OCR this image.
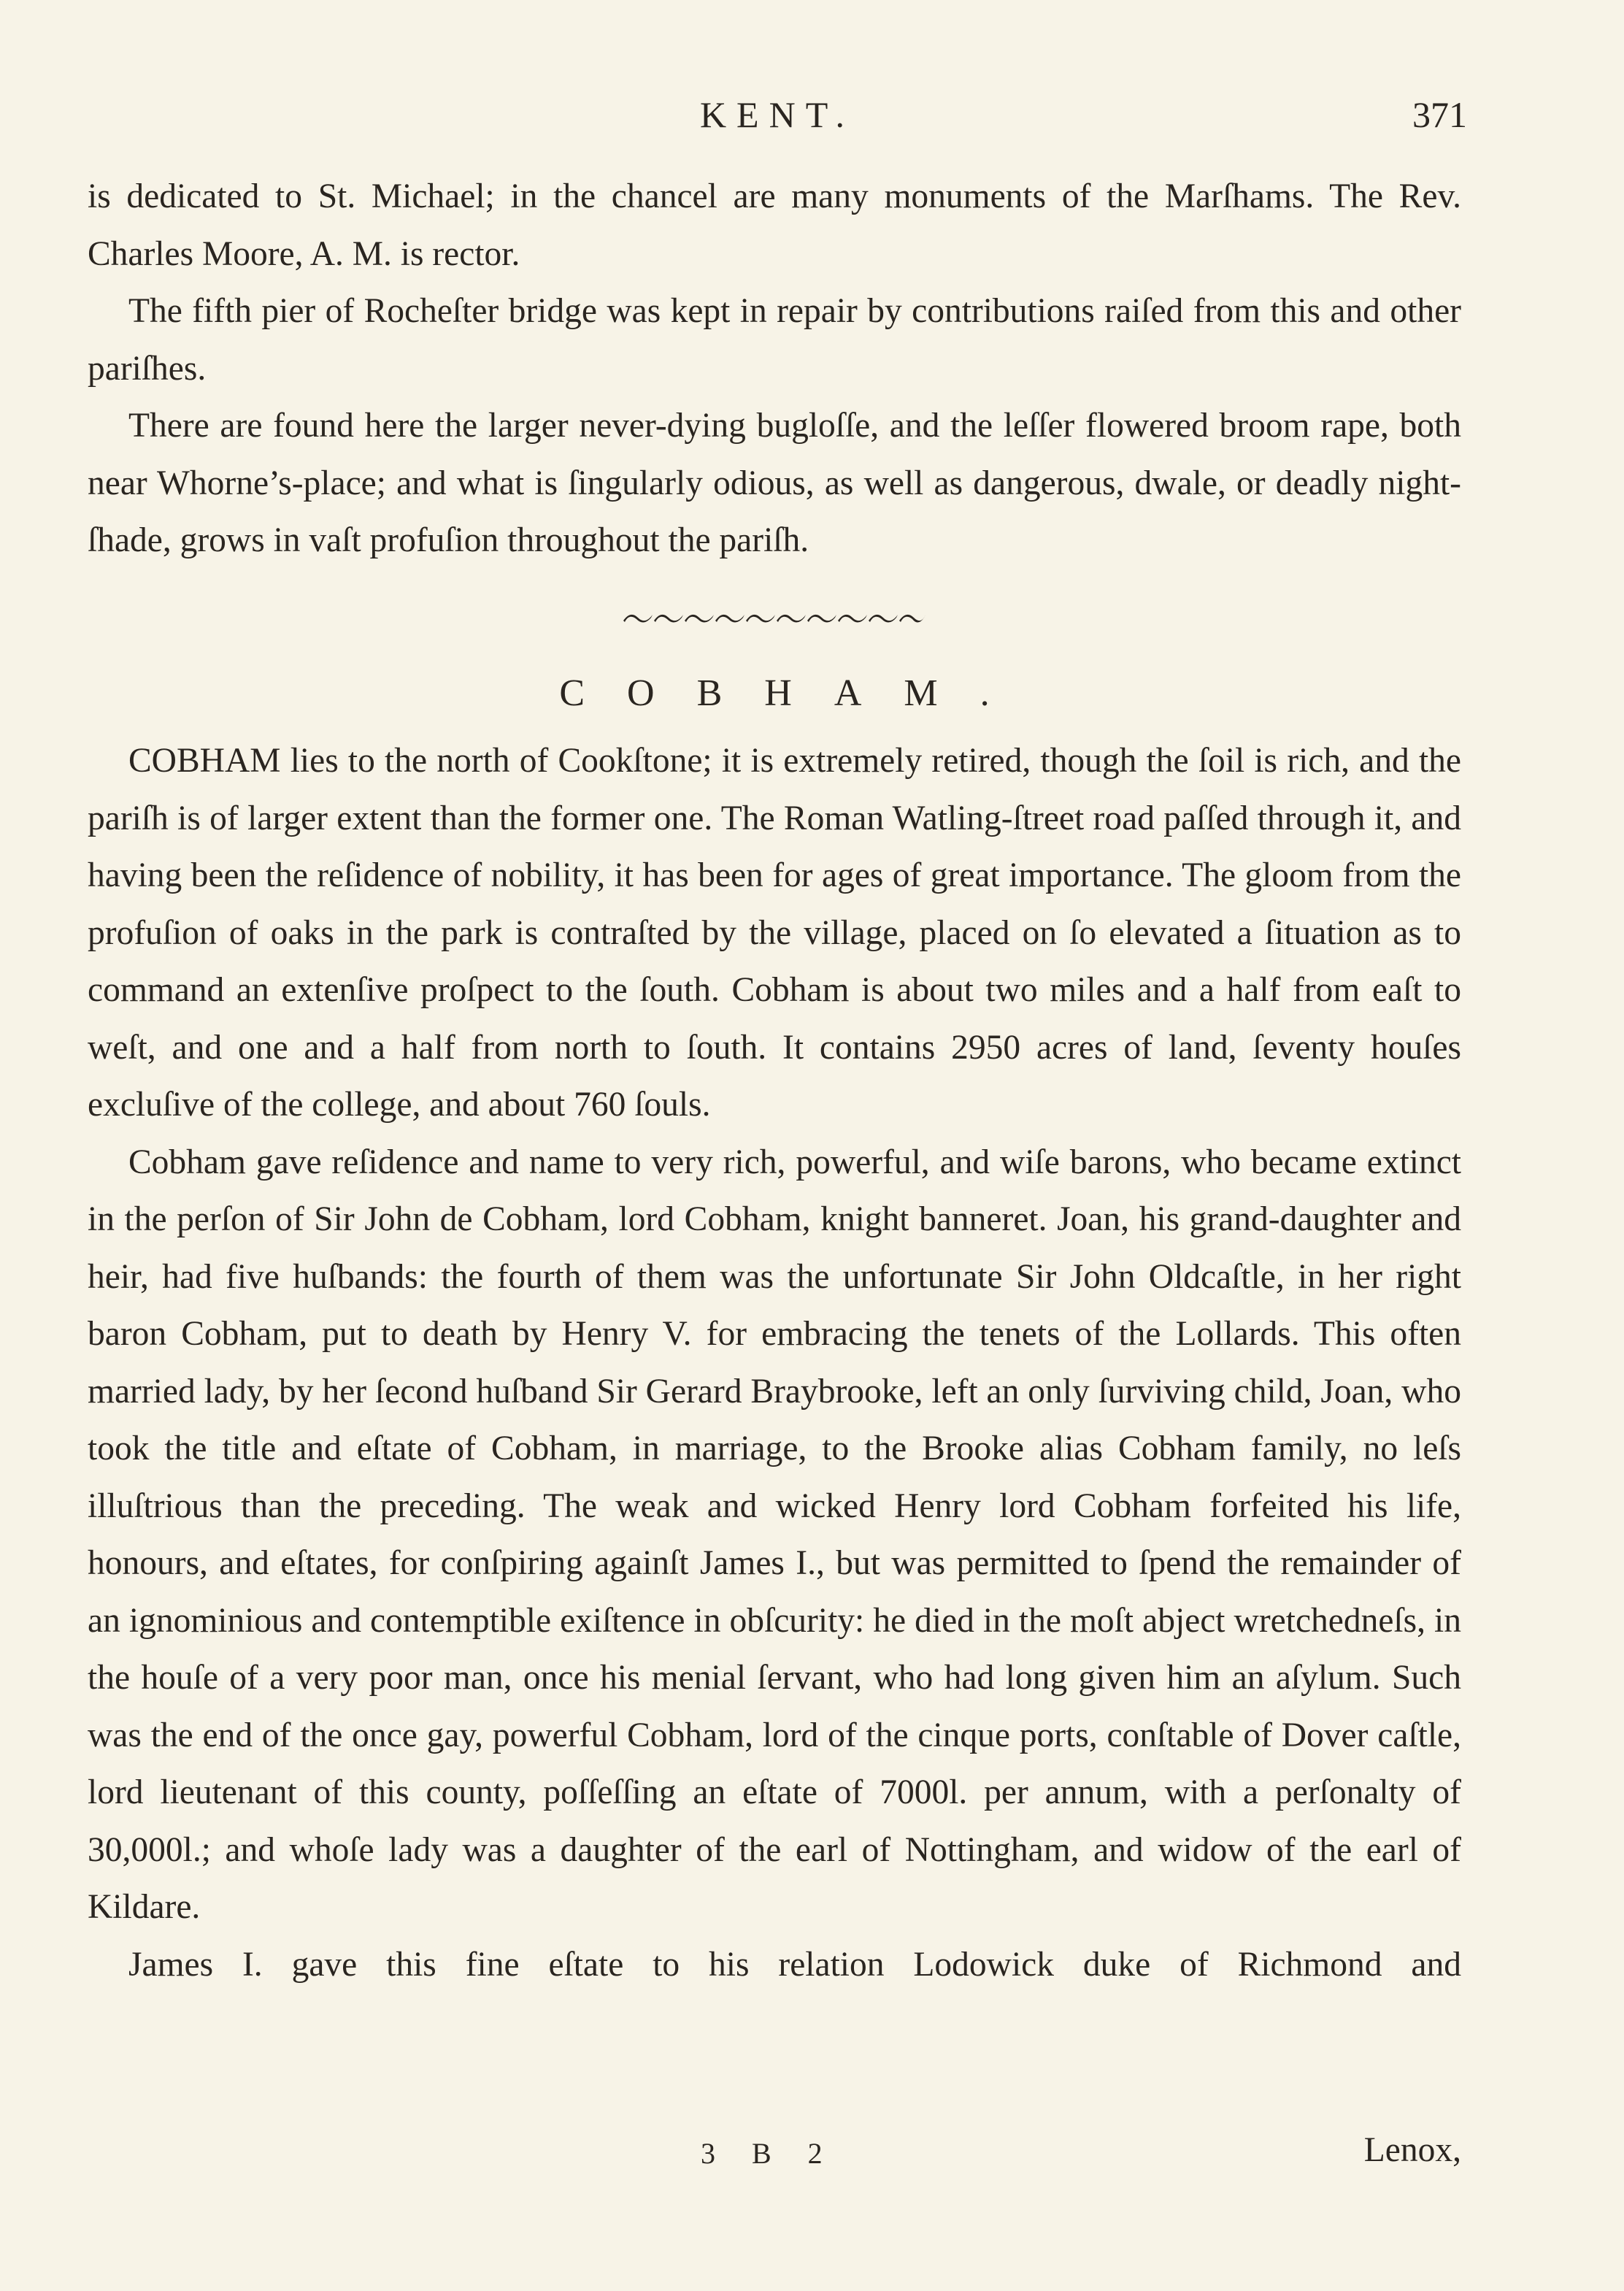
KENT.	371

is dedicated to St. Michael; in the chancel are many monuments of the Marſhams. The Rev. Charles Moore, A. M. is rector.

The fifth pier of Rocheſter bridge was kept in repair by contributions raiſed from this and other pariſhes.

There are found here the larger never-dying bugloſſe, and the leſſer flowered broom rape, both near Whorne’s-place; and what is ſingularly odious, as well as dangerous, dwale, or deadly night-ſhade, grows in vaſt profuſion throughout the pariſh.

COBHAM.

COBHAM lies to the north of Cookſtone; it is extremely retired, though the ſoil is rich, and the pariſh is of larger extent than the former one. The Roman Watling-ſtreet road paſſed through it, and having been the reſidence of nobility, it has been for ages of great importance. The gloom from the profuſion of oaks in the park is contraſted by the village, placed on ſo elevated a ſituation as to command an extenſive proſpect to the ſouth. Cobham is about two miles and a half from eaſt to weſt, and one and a half from north to ſouth. It contains 2950 acres of land, ſeventy houſes excluſive of the college, and about 760 ſouls.

Cobham gave reſidence and name to very rich, powerful, and wiſe barons, who became extinct in the perſon of Sir John de Cobham, lord Cobham, knight banneret. Joan, his grand-daughter and heir, had five huſbands: the fourth of them was the unfortunate Sir John Oldcaſtle, in her right baron Cobham, put to death by Henry V. for embracing the tenets of the Lollards. This often married lady, by her ſecond huſband Sir Gerard Braybrooke, left an only ſurviving child, Joan, who took the title and eſtate of Cobham, in marriage, to the Brooke alias Cobham family, no leſs illuſtrious than the preceding. The weak and wicked Henry lord Cobham forfeited his life, honours, and eſtates, for conſpiring againſt James I., but was permitted to ſpend the remainder of an ignominious and contemptible exiſtence in obſcurity: he died in the moſt abject wretchedneſs, in the houſe of a very poor man, once his menial ſervant, who had long given him an aſylum. Such was the end of the once gay, powerful Cobham, lord of the cinque ports, conſtable of Dover caſtle, lord lieutenant of this county, poſſeſſing an eſtate of 7000l. per annum, with a perſonalty of 30,000l.; and whoſe lady was a daughter of the earl of Nottingham, and widow of the earl of Kildare.

James I. gave this fine eſtate to his relation Lodowick duke of Richmond and

3 B 2	Lenox,
